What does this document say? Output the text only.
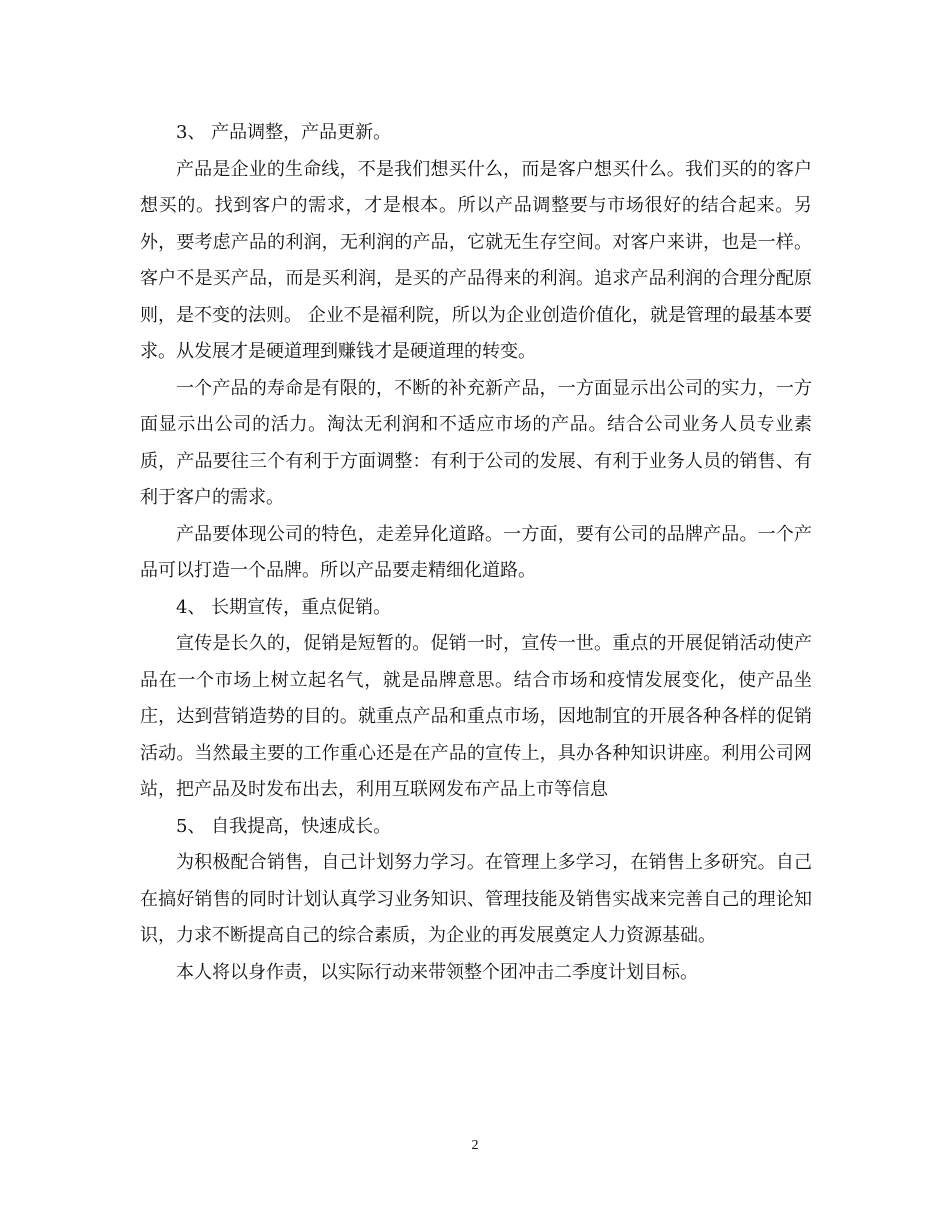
3、 产品调整，产品更新。

产品是企业的生命线，不是我们想买什么，而是客户想买什么。我们买的的客户想买的。找到客户的需求，才是根本。所以产品调整要与市场很好的结合起来。另外，要考虑产品的利润，无利润的产品，它就无生存空间。对客户来讲，也是一样。客户不是买产品，而是买利润，是买的产品得来的利润。追求产品利润的合理分配原则，是不变的法则。 企业不是福利院，所以为企业创造价值化，就是管理的最基本要求。从发展才是硬道理到赚钱才是硬道理的转变。

一个产品的寿命是有限的，不断的补充新产品，一方面显示出公司的实力，一方面显示出公司的活力。淘汰无利润和不适应市场的产品。结合公司业务人员专业素质，产品要往三个有利于方面调整：有利于公司的发展、有利于业务人员的销售、有利于客户的需求。

产品要体现公司的特色，走差异化道路。一方面，要有公司的品牌产品。一个产品可以打造一个品牌。所以产品要走精细化道路。

4、 长期宣传，重点促销。

宣传是长久的，促销是短暂的。促销一时，宣传一世。重点的开展促销活动使产品在一个市场上树立起名气，就是品牌意思。结合市场和疫情发展变化，使产品坐庄，达到营销造势的目的。就重点产品和重点市场，因地制宜的开展各种各样的促销活动。当然最主要的工作重心还是在产品的宣传上，具办各种知识讲座。利用公司网站，把产品及时发布出去，利用互联网发布产品上市等信息

5、 自我提高，快速成长。

为积极配合销售，自己计划努力学习。在管理上多学习，在销售上多研究。自己在搞好销售的同时计划认真学习业务知识、管理技能及销售实战来完善自己的理论知识，力求不断提高自己的综合素质，为企业的再发展奠定人力资源基础。

本人将以身作责，以实际行动来带领整个团冲击二季度计划目标。

2
